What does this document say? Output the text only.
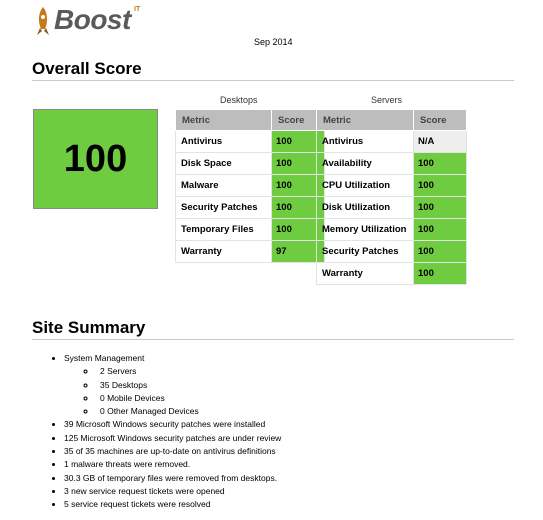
Boost IT
Sep 2014
Overall Score
100
Desktops
Metric	Score
Antivirus	100
Disk Space	100
Malware	100
Security Patches	100
Temporary Files	100
Warranty	97
Servers
Metric	Score
Antivirus	N/A
Availability	100
CPU Utilization	100
Disk Utilization	100
Memory Utilization	100
Security Patches	100
Warranty	100
Site Summary
• System Management
◦ 2 Servers
◦ 35 Desktops
◦ 0 Mobile Devices
◦ 0 Other Managed Devices
• 39 Microsoft Windows security patches were installed
• 125 Microsoft Windows security patches are under review
• 35 of 35 machines are up-to-date on antivirus definitions
• 1 malware threats were removed.
• 30.3 GB of temporary files were removed from desktops.
• 3 new service request tickets were opened
• 5 service request tickets were resolved
